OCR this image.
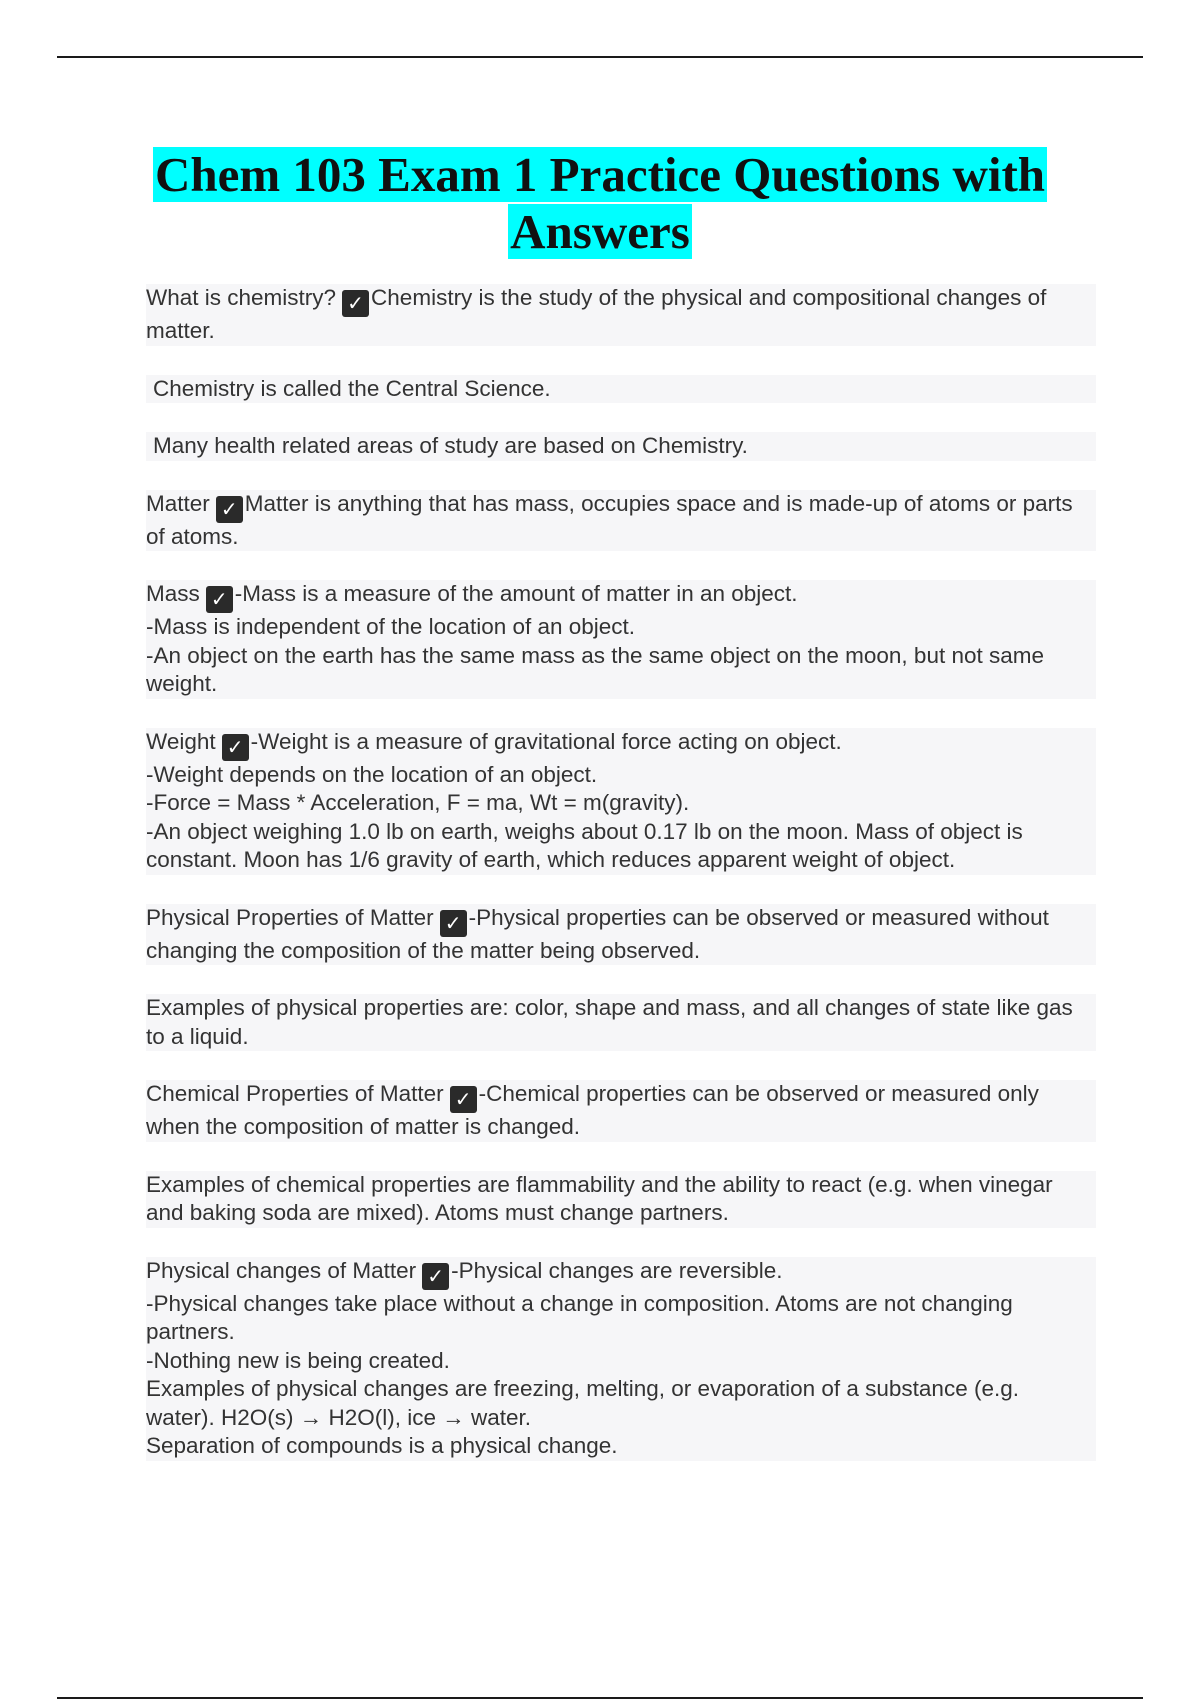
Chem 103 Exam 1 Practice Questions with
Answers
What is chemistry? ✓ Chemistry is the study of the physical and compositional changes of matter.
Chemistry is called the Central Science.
Many health related areas of study are based on Chemistry.
Matter ✓ Matter is anything that has mass, occupies space and is made-up of atoms or parts of atoms.
Mass ✓ -Mass is a measure of the amount of matter in an object.
-Mass is independent of the location of an object.
-An object on the earth has the same mass as the same object on the moon, but not same weight.
Weight ✓ -Weight is a measure of gravitational force acting on object.
-Weight depends on the location of an object.
-Force = Mass * Acceleration, F = ma, Wt = m(gravity).
-An object weighing 1.0 lb on earth, weighs about 0.17 lb on the moon. Mass of object is constant. Moon has 1/6 gravity of earth, which reduces apparent weight of object.
Physical Properties of Matter ✓ -Physical properties can be observed or measured without changing the composition of the matter being observed.
Examples of physical properties are: color, shape and mass, and all changes of state like gas to a liquid.
Chemical Properties of Matter ✓ -Chemical properties can be observed or measured only when the composition of matter is changed.
Examples of chemical properties are flammability and the ability to react (e.g. when vinegar and baking soda are mixed). Atoms must change partners.
Physical changes of Matter ✓ -Physical changes are reversible.
-Physical changes take place without a change in composition. Atoms are not changing partners.
-Nothing new is being created.
Examples of physical changes are freezing, melting, or evaporation of a substance (e.g. water). H2O(s) → H2O(l), ice → water.
Separation of compounds is a physical change.
